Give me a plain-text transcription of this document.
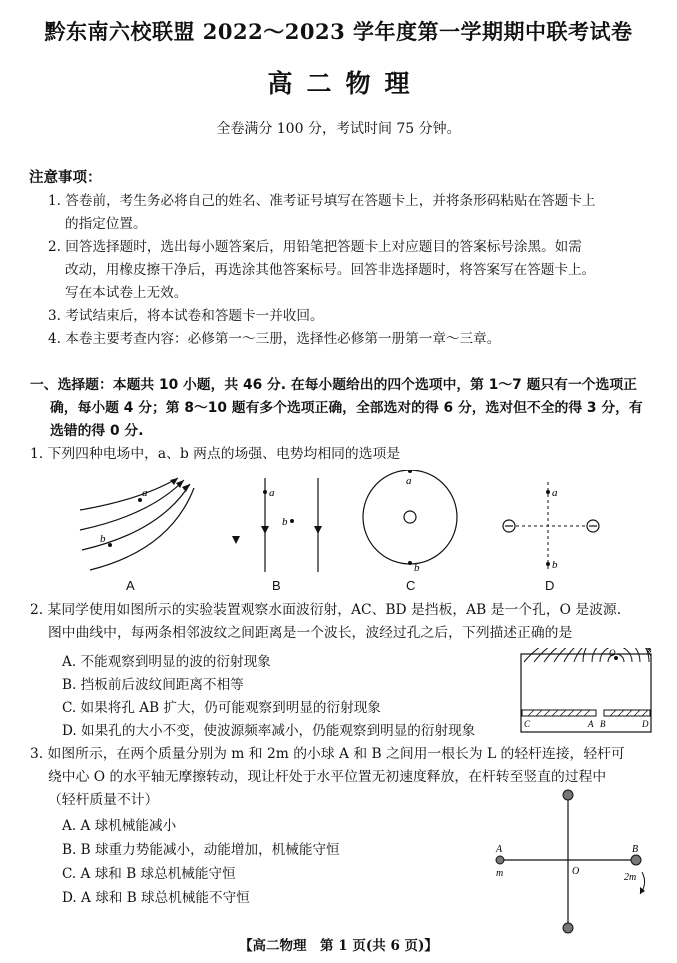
黔东南六校联盟 2022～2023 学年度第一学期期中联考试卷
高二物理
全卷满分 100 分，考试时间 75 分钟。
注意事项：
1. 答卷前，考生务必将自己的姓名、准考证号填写在答题卡上，并将条形码粘贴在答题卡上
的指定位置。
2. 回答选择题时，选出每小题答案后，用铅笔把答题卡上对应题目的答案标号涂黑。如需
改动，用橡皮擦干净后，再选涂其他答案标号。回答非选择题时，将答案写在答题卡上。
写在本试卷上无效。
3. 考试结束后，将本试卷和答题卡一并收回。
4. 本卷主要考查内容：必修第一～三册，选择性必修第一册第一章～三章。
一、选择题：本题共 10 小题，共 46 分. 在每小题给出的四个选项中，第 1～7 题只有一个选项正
确，每小题 4 分；第 8～10 题有多个选项正确，全部选对的得 6 分，选对但不全的得 3 分，有
选错的得 0 分.
1. 下列四种电场中，a、b 两点的场强、电势均相同的选项是
a
b
a
b
a
b
a
b
A	B	C	D
2. 某同学使用如图所示的实验装置观察水面波衍射，AC、BD 是挡板，AB 是一个孔，O 是波源.
图中曲线中，每两条相邻波纹之间距离是一个波长，波经过孔之后，下列描述正确的是
A. 不能观察到明显的波的衍射现象
B. 挡板前后波纹间距离不相等
C. 如果将孔 AB 扩大，仍可能观察到明显的衍射现象
D. 如果孔的大小不变，使波源频率减小，仍能观察到明显的衍射现象
O
C	A B	D
3. 如图所示，在两个质量分别为 m 和 2m 的小球 A 和 B 之间用一根长为 L 的轻杆连接，轻杆可
绕中心 O 的水平轴无摩擦转动，现让杆处于水平位置无初速度释放，在杆转至竖直的过程中
（轻杆质量不计）
A. A 球机械能减小
B. B 球重力势能减小，动能增加，机械能守恒
C. A 球和 B 球总机械能守恒
D. A 球和 B 球总机械能不守恒
A
m	O
B
2m
【高二物理　第 1 页(共 6 页)】
